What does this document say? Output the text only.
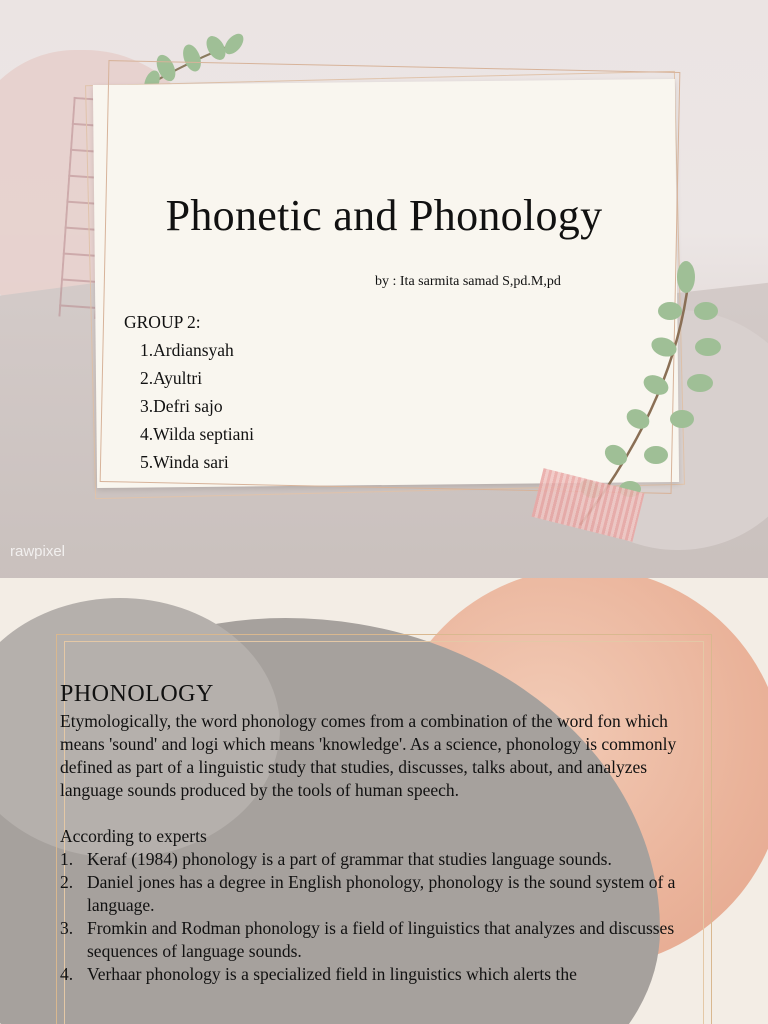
Phonetic and Phonology
by : Ita sarmita samad S,pd.M,pd
GROUP 2:
1.Ardiansyah
2.Ayultri
3.Defri sajo
4.Wilda septiani
5.Winda sari
rawpixel
PHONOLOGY

Etymologically, the word phonology comes from a combination of the word fon which means 'sound' and logi which means 'knowledge'. As a science, phonology is commonly defined as part of a linguistic study that studies, discusses, talks about, and analyzes language sounds produced by the tools of human speech.

According to experts
1. Keraf (1984) phonology is a part of grammar that studies language sounds.
2. Daniel jones has a degree in English phonology, phonology is the sound system of a language.
3. Fromkin and Rodman phonology is a field of linguistics that analyzes and discusses sequences of language sounds.
4. Verhaar phonology is a specialized field in linguistics which alerts the
